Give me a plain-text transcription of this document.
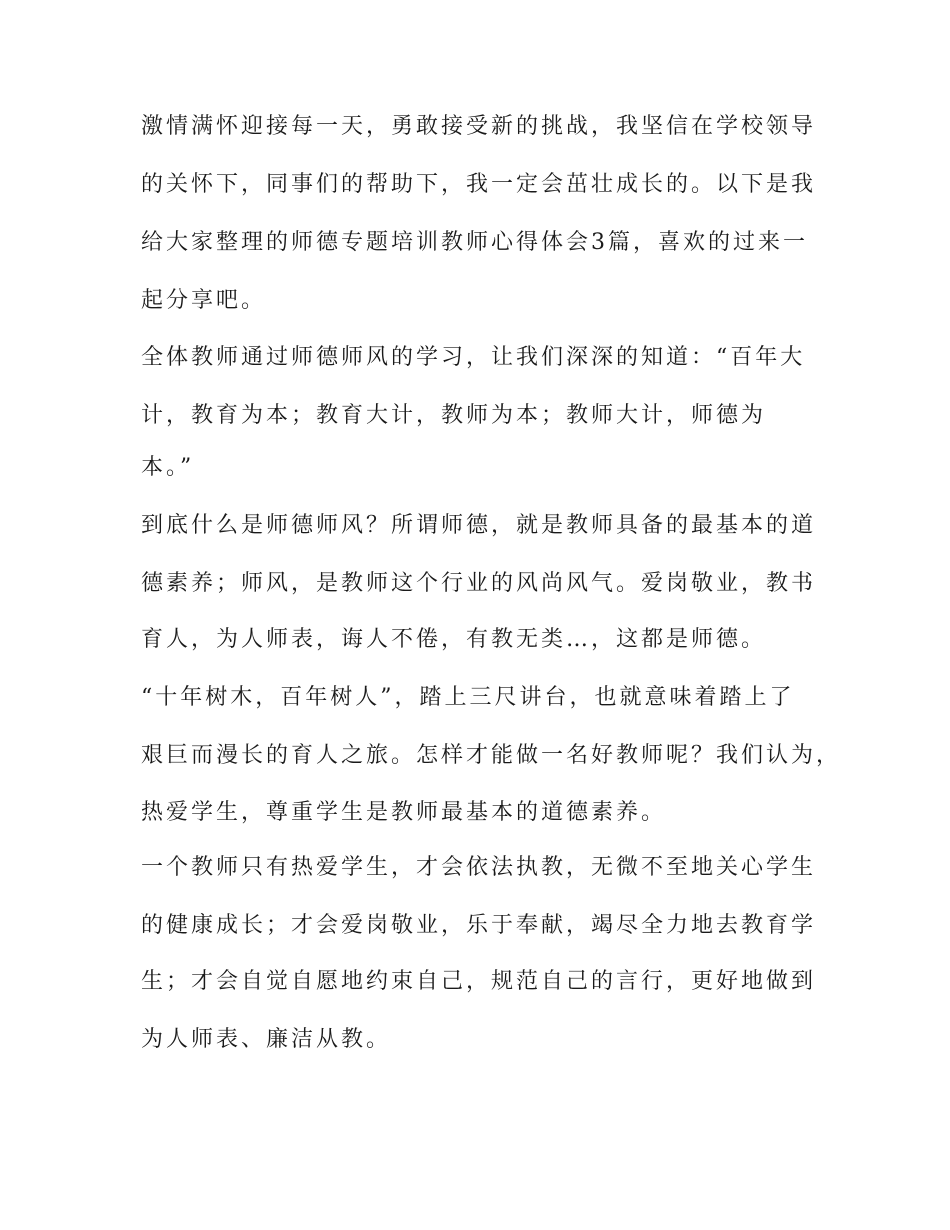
激情满怀迎接每一天，勇敢接受新的挑战，我坚信在学校领导
的关怀下，同事们的帮助下，我一定会茁壮成长的。以下是我
给大家整理的师德专题培训教师心得体会3篇，喜欢的过来一
起分享吧。
全体教师通过师德师风的学习，让我们深深的知道：“百年大
计，教育为本；教育大计，教师为本；教师大计，师德为
本。”
到底什么是师德师风？所谓师德，就是教师具备的最基本的道
德素养；师风，是教师这个行业的风尚风气。爱岗敬业，教书
育人，为人师表，诲人不倦，有教无类…，这都是师德。
“十年树木，百年树人”，踏上三尺讲台，也就意味着踏上了
艰巨而漫长的育人之旅。怎样才能做一名好教师呢？我们认为，
热爱学生，尊重学生是教师最基本的道德素养。
一个教师只有热爱学生，才会依法执教，无微不至地关心学生
的健康成长；才会爱岗敬业，乐于奉献，竭尽全力地去教育学
生；才会自觉自愿地约束自己，规范自己的言行，更好地做到
为人师表、廉洁从教。
